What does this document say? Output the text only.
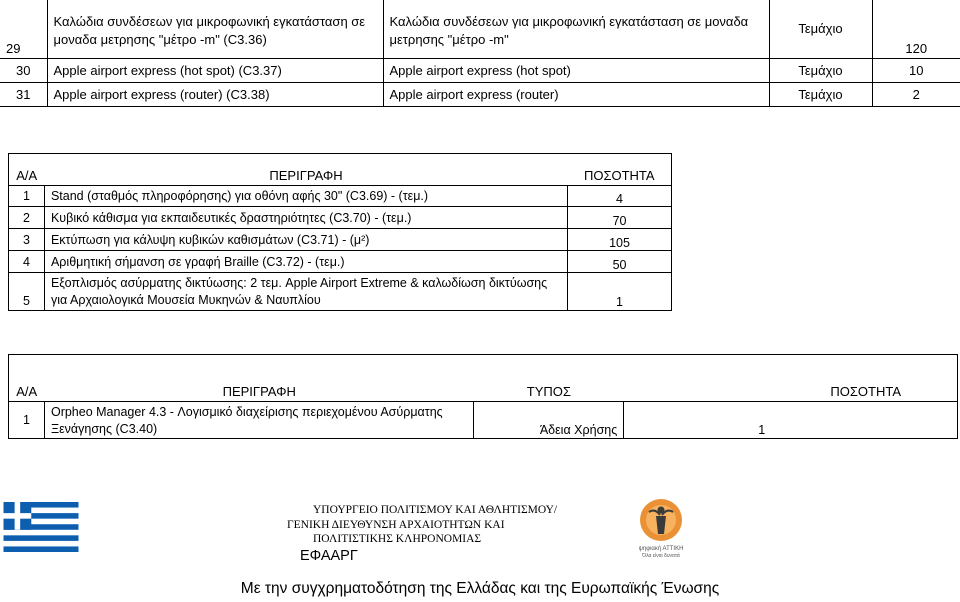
29	Καλώδια συνδέσεων για μικροφωνική εγκατάσταση σε μοναδα μετρησης "μέτρο -m" (C3.36)	Καλώδια συνδέσεων για μικροφωνική εγκατάσταση σε μοναδα μετρησης "μέτρο -m"	Τεμάχιο	120
30	Apple airport express (hot spot) (C3.37)	Apple airport express (hot spot)	Τεμάχιο	10
31	Apple airport express (router) (C3.38)	Apple airport express (router)	Τεμάχιο	2
Α/Α	ΠΕΡΙΓΡΑΦΗ	ΠΟΣΟΤΗΤΑ
1	Stand (σταθμός πληροφόρησης) για οθόνη αφής 30" (C3.69) - (τεμ.)	4
2	Κυβικό κάθισμα για εκπαιδευτικές δραστηριότητες (C3.70) - (τεμ.)	70
3	Εκτύπωση για κάλυψη κυβικών καθισμάτων (C3.71) - (μ²)	105
4	Αριθμητική σήμανση σε γραφή Braille (C3.72) - (τεμ.)	50
5	Εξοπλισμός ασύρματης δικτύωσης: 2 τεμ. Apple Airport Extreme & καλωδίωση δικτύωσης για Αρχαιολογικά Μουσεία Μυκηνών & Ναυπλίου	1
Α/Α	ΠΕΡΙΓΡΑΦΗ	ΤΥΠΟΣ	ΠΟΣΟΤΗΤΑ
1	Orpheo Manager 4.3 - Λογισμικό διαχείρισης περιεχομένου Ασύρματης Ξενάγησης (C3.40)	Άδεια Χρήσης	1
ΥΠΟΥΡΓΕΙΟ ΠΟΛΙΤΙΣΜΟΥ ΚΑΙ ΑΘΛΗΤΙΣΜΟΥ/
ΓΕΝΙΚΗ ΔΙΕΥΘΥΝΣΗ ΑΡΧΑΙΟΤΗΤΩΝ ΚΑΙ
ΠΟΛΙΤΙΣΤΙΚΗΣ ΚΛΗΡΟΝΟΜΙΑΣ
ΕΦΑΑΡΓ	ψηφιακή ΑΤΤΙΚΗ
Όλα είναι δυνατά
Με την συγχρηματοδότηση της Ελλάδας και της Ευρωπαϊκής Ένωσης
